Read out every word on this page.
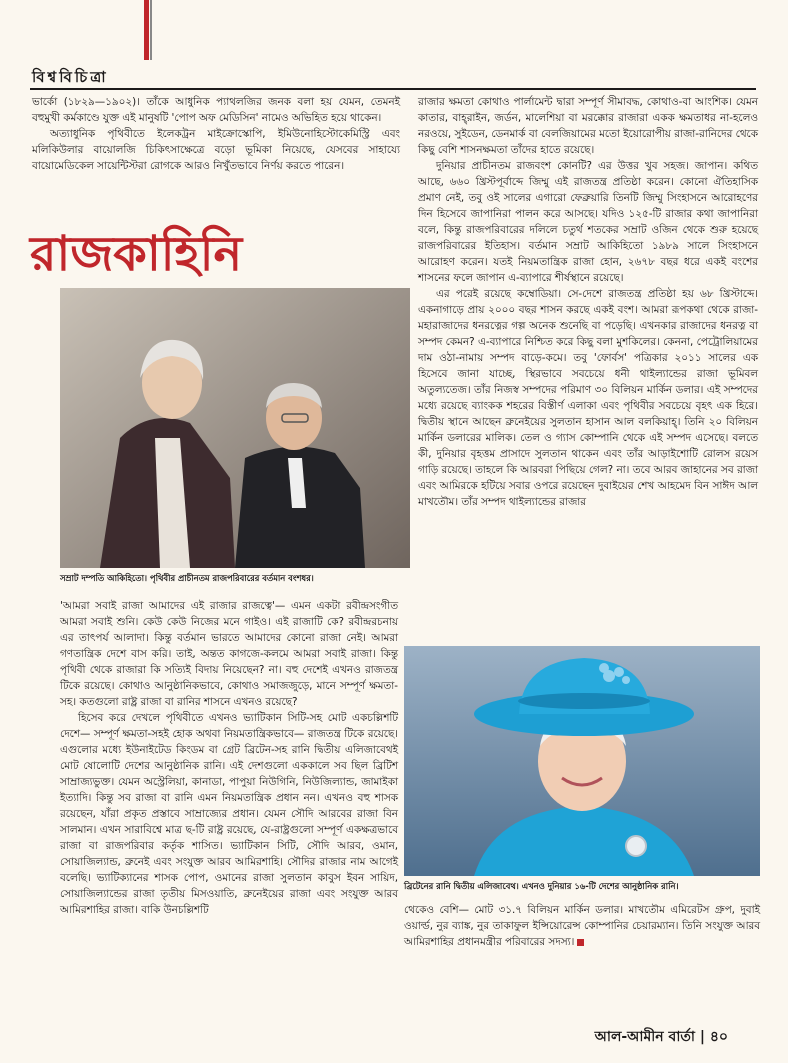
বিশ্ববিচিত্রা

ভার্কো (১৮২৯—১৯০২)। তাঁকে আধুনিক প্যাথলজির জনক বলা হয় যেমন, তেমনই বহুমুখী কর্মকাণ্ডে যুক্ত এই মানুষটি 'পোপ অফ মেডিসিন' নামেও অভিহিত হয়ে থাকেন।

অত্যাধুনিক পৃথিবীতে ইলেকট্রন মাইক্রোস্কোপি, ইমিউনোহিস্টোকেমিস্ট্রি এবং মলিকিউলার বায়োলজি চিকিৎসাক্ষেত্রে বড়ো ভূমিকা নিয়েছে, যেসবের সাহায্যে বায়োমেডিকেল সায়েন্টিস্টরা রোগকে আরও নিখুঁতভাবে নির্ণয় করতে পারেন।

রাজকাহিনি
সম্রাট দম্পতি আকিহিতো। পৃথিবীর প্রাচীনতম রাজপরিবারের বর্তমান বংশধর।

'আমরা সবাই রাজা আমাদের এই রাজার রাজত্বে'— এমন একটা রবীন্দ্রসংগীত আমরা সবাই শুনি। কেউ কেউ নিজের মনে গাইও। এই রাজাটি কে? রবীন্দ্ররচনায় এর তাৎপর্য আলাদা। কিন্তু বর্তমান ভারতে আমাদের কোনো রাজা নেই। আমরা গণতান্ত্রিক দেশে বাস করি। তাই, অন্তত কাগজে-কলমে আমরা সবাই রাজা। কিন্তু পৃথিবী থেকে রাজারা কি সত্যিই বিদায় নিয়েছেন? না। বহু দেশেই এখনও রাজতন্ত্র টিকে রয়েছে। কোথাও আনুষ্ঠানিকভাবে, কোথাও সমাজজুড়ে, মানে সম্পূর্ণ ক্ষমতা-সহ। কতগুলো রাষ্ট্র রাজা বা রানির শাসনে এখনও রয়েছে?

হিসেব করে দেখলে পৃথিবীতে এখনও ভ্যাটিকান সিটি-সহ মোট একচল্লিশটি দেশে— সম্পূর্ণ ক্ষমতা-সহই হোক অথবা নিয়মতান্ত্রিকভাবে— রাজতন্ত্র টিকে রয়েছে। এগুলোর মধ্যে ইউনাইটেড কিংডম বা গ্রেট ব্রিটেন-সহ রানি দ্বিতীয় এলিজাবেথই মোট ষোলোটি দেশের আনুষ্ঠানিক রানি। এই দেশগুলো এককালে সব ছিল ব্রিটিশ সাম্রাজ্যভুক্ত। যেমন অস্ট্রেলিয়া, কানাডা, পাপুয়া নিউগিনি, নিউজিল্যান্ড, জামাইকা ইত্যাদি। কিন্তু সব রাজা বা রানি এমন নিয়মতান্ত্রিক প্রধান নন। এখনও বহু শাসক রয়েছেন, যাঁরা প্রকৃত প্রস্তাবে সাম্রাজ্যের প্রধান। যেমন সৌদি আরবের রাজা বিন সালমান। এখন সারাবিশ্বে মাত্র ছ-টি রাষ্ট্র রয়েছে, যে-রাষ্ট্রগুলো সম্পূর্ণ একক্ষত্রভাবে রাজা বা রাজপরিবার কর্তৃক শাসিত। ভ্যাটিকান সিটি, সৌদি আরব, ওমান, সোয়াজিল্যান্ড, ব্রুনেই এবং সংযুক্ত আরব আমিরশাহি। সৌদির রাজার নাম আগেই বলেছি। ভ্যাটিক্যানের শাসক পোপ, ওমানের রাজা সুলতান কাবুস ইবন সায়িদ, সোয়াজিল্যান্ডের রাজা তৃতীয় মিসওয়াতি, ব্রুনেইয়ের রাজা এবং সংযুক্ত আরব আমিরশাহির রাজা। বাকি উনচল্লিশটি

রাজার ক্ষমতা কোথাও পার্লামেন্ট দ্বারা সম্পূর্ণ সীমাবদ্ধ, কোথাও-বা আংশিক। যেমন কাতার, বাহ্‌রাইন, জর্ডন, মালেশিয়া বা মরক্কোর রাজারা একক ক্ষমতাধর না-হলেও নরওয়ে, সুইডেন, ডেনমার্ক বা বেলজিয়ামের মতো ইয়োরোপীয় রাজা-রানিদের থেকে কিছু বেশি শাসনক্ষমতা তাঁদের হাতে রয়েছে।

দুনিয়ার প্রাচীনতম রাজবংশ কোনটি? এর উত্তর খুব সহজ। জাপান। কথিত আছে, ৬৬০ খ্রিস্টপূর্বাব্দে জিম্মু এই রাজতন্ত্র প্রতিষ্ঠা করেন। কোনো ঐতিহাসিক প্রমাণ নেই, তবু ওই সালের এগারো ফেব্রুয়ারি তিনটি জিম্মু সিংহাসনে আরোহণের দিন হিসেবে জাপানিরা পালন করে আসছে। যদিও ১২৫-টি রাজার কথা জাপানিরা বলে, কিন্তু রাজপরিবারের দলিলে চতুর্থ শতকের সম্রাট ওজিন থেকে শুরু হয়েছে রাজপরিবারের ইতিহাস। বর্তমান সম্রাট আকিহিতো ১৯৮৯ সালে সিংহাসনে আরোহণ করেন। যতই নিয়মতান্ত্রিক রাজা হোন, ২৬৭৮ বছর ধরে একই বংশের শাসনের ফলে জাপান এ-ব্যাপারে শীর্ষস্থানে রয়েছে।

এর পরেই রয়েছে কম্বোডিয়া। সে-দেশে রাজতন্ত্র প্রতিষ্ঠা হয় ৬৮ খ্রিস্টাব্দে। একনাগাড়ে প্রায় ২০০০ বছর শাসন করছে একই বংশ। আমরা রূপকথা থেকে রাজা-মহারাজাদের ধনরত্নের গল্প অনেক শুনেছি বা পড়েছি। এখনকার রাজাদের ধনরত্ন বা সম্পদ কেমন? এ-ব্যাপারে নিশ্চিত করে কিছু বলা মুশকিলের। কেননা, পেট্রোলিয়ামের দাম ওঠা-নামায় সম্পদ বাড়ে-কমে। তবু 'ফোর্বস' পত্রিকার ২০১১ সালের এক হিসেবে জানা যাচ্ছে, স্থিরভাবে সবচেয়ে ধনী থাইল্যান্ডের রাজা ভূমিবল অতুল্যতেজ। তাঁর নিজস্ব সম্পদের পরিমাণ ৩০ বিলিয়ন মার্কিন ডলার। এই সম্পদের মধ্যে রয়েছে ব্যাংকক শহরের বিস্তীর্ণ এলাকা এবং পৃথিবীর সবচেয়ে বৃহৎ এক হিরে। দ্বিতীয় স্থানে আছেন ব্রুনেইয়ের সুলতান হাসান আল বলকিয়াহ্‌। তিনি ২০ বিলিয়ন মার্কিন ডলারের মালিক। তেল ও গ্যাস কোম্পানি থেকে এই সম্পদ এসেছে। বলতে কী, দুনিয়ার বৃহত্তম প্রাসাদে সুলতান থাকেন এবং তাঁর আড়াইশোটি রোলস রয়েস গাড়ি রয়েছে। তাহলে কি আরবরা পিছিয়ে গেল? না। তবে আরব জাহানের সব রাজা এবং আমিরকে হটিয়ে সবার ওপরে রয়েছেন দুবাইয়ের শেখ আহমেদ বিন সাঈদ আল মাখতৌম। তাঁর সম্পদ থাইল্যান্ডের রাজার

ব্রিটেনের রানি দ্বিতীয় এলিজাবেথ। এখনও দুনিয়ার ১৬-টি দেশের আনুষ্ঠানিক রানি।

থেকেও বেশি— মোট ৩১.৭ বিলিয়ন মার্কিন ডলার। মাখতৌম এমিরেটস গ্রুপ, দুবাই ওয়ার্ল্ড, নুর ব্যাঙ্ক, নুর তাকাফুল ইন্সিয়োরেন্স কোম্পানির চেয়ারম্যান। তিনি সংযুক্ত আরব আমিরশাহির প্রধানমন্ত্রীর পরিবারের সদস্য।

আল-আমীন বার্তা | ৪০
